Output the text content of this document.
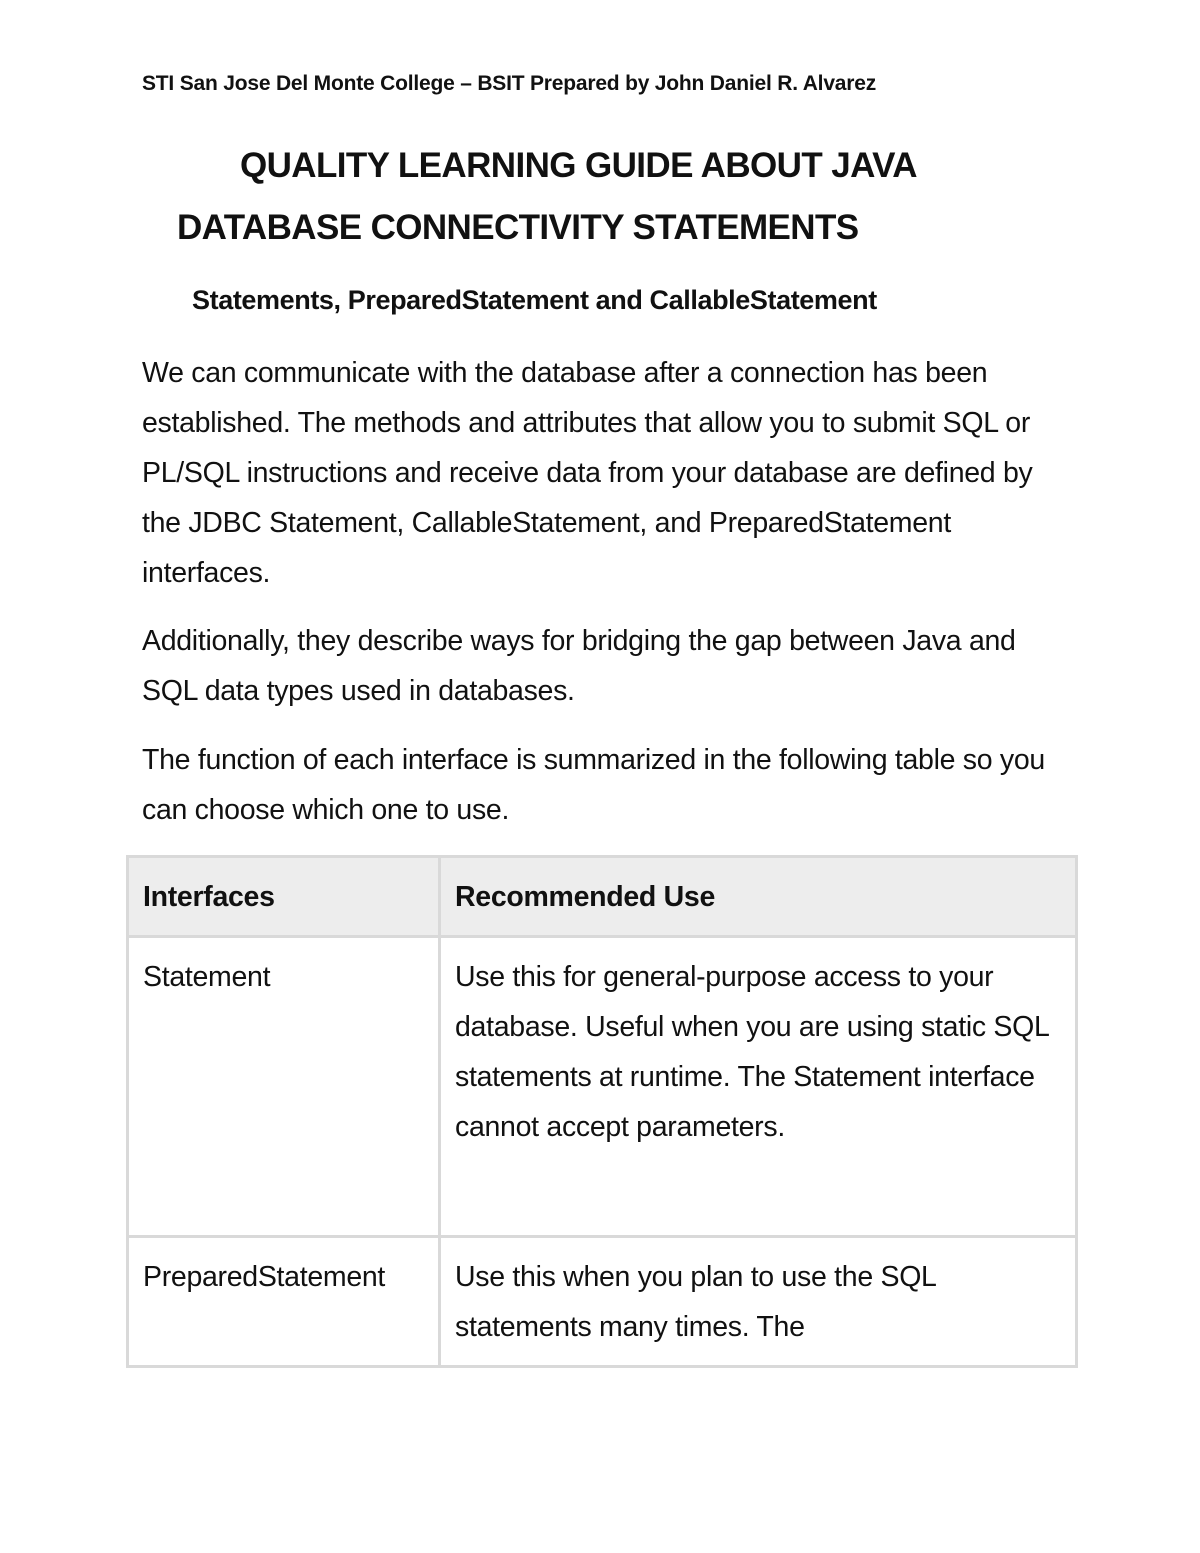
STI San Jose Del Monte College – BSIT Prepared by John Daniel R. Alvarez
QUALITY LEARNING GUIDE ABOUT JAVA
DATABASE CONNECTIVITY STATEMENTS
Statements, PreparedStatement and CallableStatement

We can communicate with the database after a connection has been established. The methods and attributes that allow you to submit SQL or PL/SQL instructions and receive data from your database are defined by the JDBC Statement, CallableStatement, and PreparedStatement interfaces.

Additionally, they describe ways for bridging the gap between Java and SQL data types used in databases.

The function of each interface is summarized in the following table so you can choose which one to use.

Interfaces	Recommended Use
Statement	Use this for general-purpose access to your database. Useful when you are using static SQL statements at runtime. The Statement interface cannot accept parameters.
PreparedStatement	Use this when you plan to use the SQL statements many times. The
